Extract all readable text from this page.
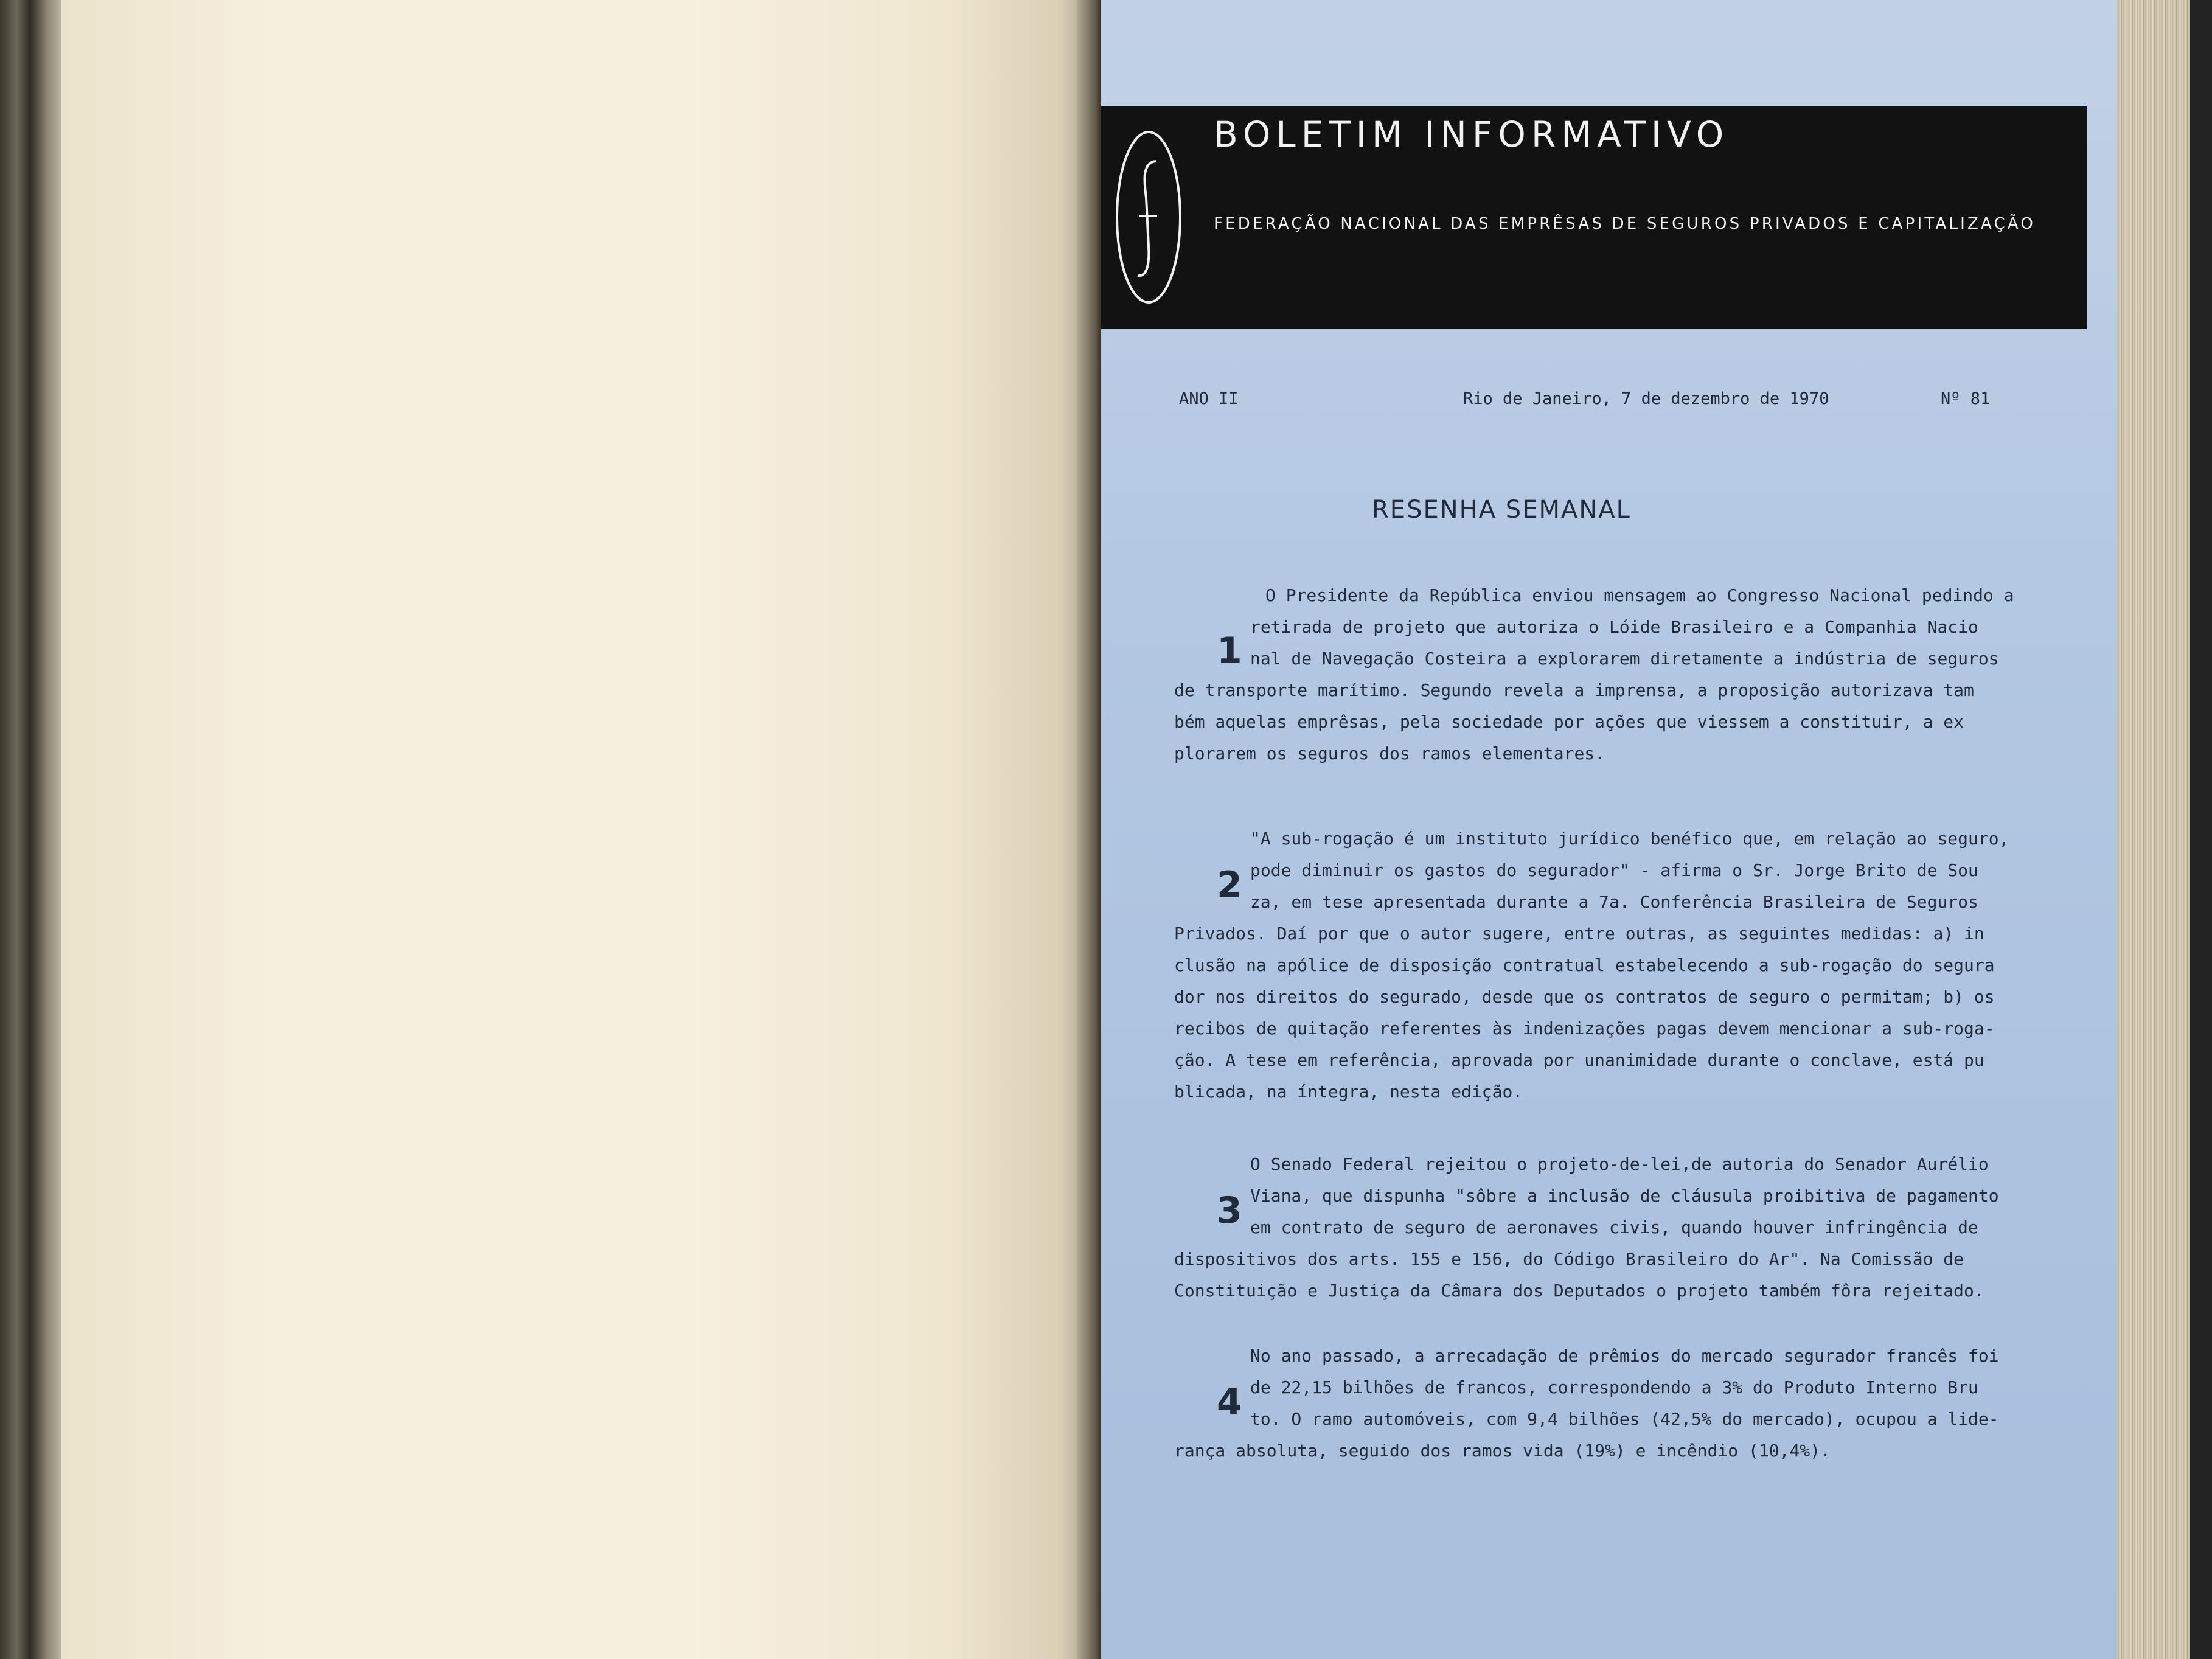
BOLETIM INFORMATIVO
FEDERAÇÃO NACIONAL DAS EMPRÊSAS DE SEGUROS PRIVADOS E CAPITALIZAÇÃO
ANO II	Rio de Janeiro, 7 de dezembro de 1970	Nº 81
RESENHA SEMANAL
1
O Presidente da República enviou mensagem ao Congresso Nacional pedindo a
retirada de projeto que autoriza o Lóide Brasileiro e a Companhia Nacio
nal de Navegação Costeira a explorarem diretamente a indústria de seguros
de transporte marítimo. Segundo revela a imprensa, a proposição autorizava tam
bém aquelas emprêsas, pela sociedade por ações que viessem a constituir, a ex
plorarem os seguros dos ramos elementares.
2
"A sub-rogação é um instituto jurídico benéfico que, em relação ao seguro,
pode diminuir os gastos do segurador" - afirma o Sr. Jorge Brito de Sou
za, em tese apresentada durante a 7a. Conferência Brasileira de Seguros
Privados. Daí por que o autor sugere, entre outras, as seguintes medidas: a) in
clusão na apólice de disposição contratual estabelecendo a sub-rogação do segura
dor nos direitos do segurado, desde que os contratos de seguro o permitam; b) os
recibos de quitação referentes às indenizações pagas devem mencionar a sub-roga-
ção. A tese em referência, aprovada por unanimidade durante o conclave, está pu
blicada, na íntegra, nesta edição.
3
O Senado Federal rejeitou o projeto-de-lei,de autoria do Senador Aurélio
Viana, que dispunha "sôbre a inclusão de cláusula proibitiva de pagamento
em contrato de seguro de aeronaves civis, quando houver infringência de
dispositivos dos arts. 155 e 156, do Código Brasileiro do Ar". Na Comissão de
Constituição e Justiça da Câmara dos Deputados o projeto também fôra rejeitado.
4
No ano passado, a arrecadação de prêmios do mercado segurador francês foi
de 22,15 bilhões de francos, correspondendo a 3% do Produto Interno Bru
to. O ramo automóveis, com 9,4 bilhões (42,5% do mercado), ocupou a lide-
rança absoluta, seguido dos ramos vida (19%) e incêndio (10,4%).
